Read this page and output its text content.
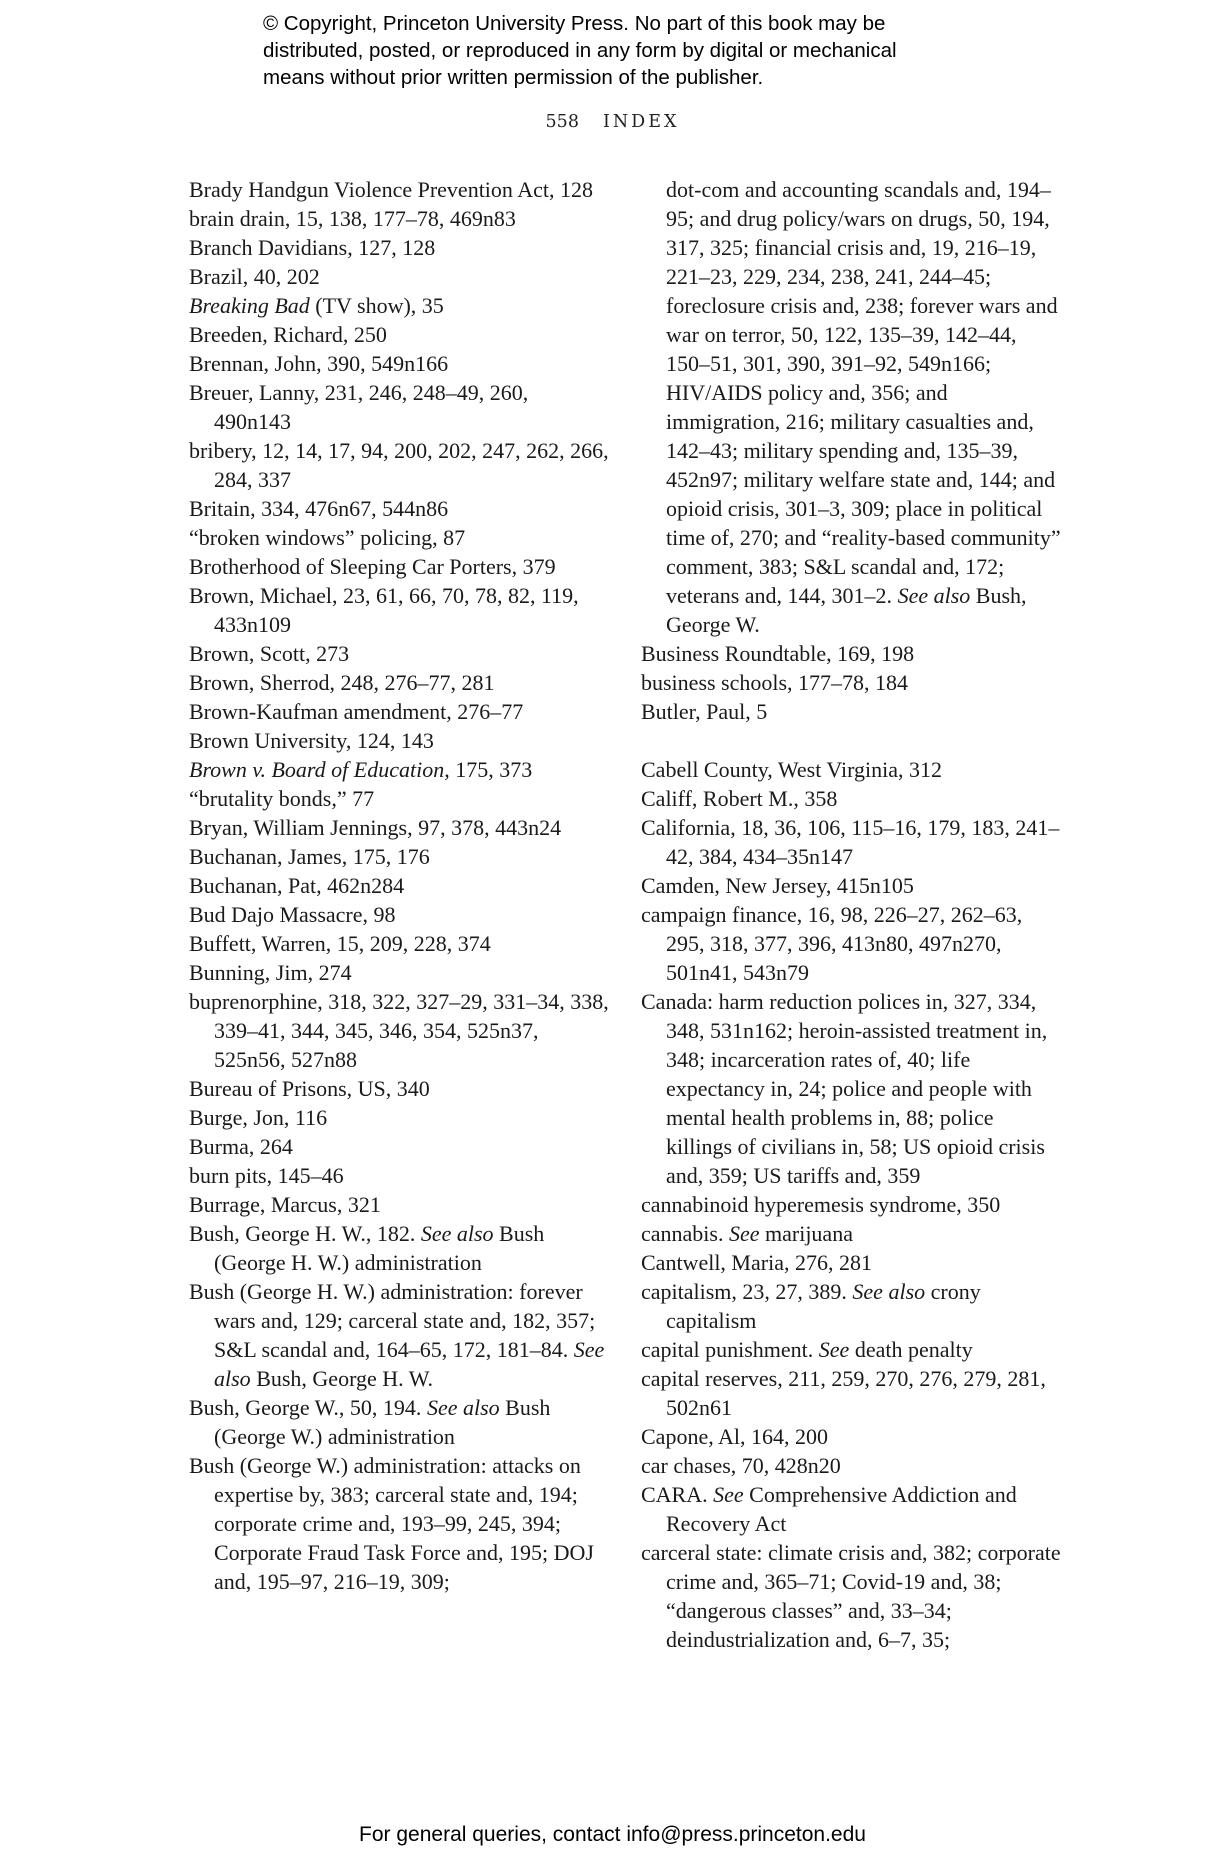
© Copyright, Princeton University Press. No part of this book may be
distributed, posted, or reproduced in any form by digital or mechanical
means without prior written permission of the publisher.
558 INDEX
Brady Handgun Violence Prevention Act, 128
brain drain, 15, 138, 177–78, 469n83
Branch Davidians, 127, 128
Brazil, 40, 202
Breaking Bad (TV show), 35
Breeden, Richard, 250
Brennan, John, 390, 549n166
Breuer, Lanny, 231, 246, 248–49, 260, 490n143
bribery, 12, 14, 17, 94, 200, 202, 247, 262, 266, 284, 337
Britain, 334, 476n67, 544n86
“broken windows” policing, 87
Brotherhood of Sleeping Car Porters, 379
Brown, Michael, 23, 61, 66, 70, 78, 82, 119, 433n109
Brown, Scott, 273
Brown, Sherrod, 248, 276–77, 281
Brown-Kaufman amendment, 276–77
Brown University, 124, 143
Brown v. Board of Education, 175, 373
“brutality bonds,” 77
Bryan, William Jennings, 97, 378, 443n24
Buchanan, James, 175, 176
Buchanan, Pat, 462n284
Bud Dajo Massacre, 98
Buffett, Warren, 15, 209, 228, 374
Bunning, Jim, 274
buprenorphine, 318, 322, 327–29, 331–34, 338, 339–41, 344, 345, 346, 354, 525n37, 525n56, 527n88
Bureau of Prisons, US, 340
Burge, Jon, 116
Burma, 264
burn pits, 145–46
Burrage, Marcus, 321
Bush, George H. W., 182. See also Bush (George H. W.) administration
Bush (George H. W.) administration: forever wars and, 129; carceral state and, 182, 357; S&L scandal and, 164–65, 172, 181–84. See also Bush, George H. W.
Bush, George W., 50, 194. See also Bush (George W.) administration
Bush (George W.) administration: attacks on expertise by, 383; carceral state and, 194; corporate crime and, 193–99, 245, 394; Corporate Fraud Task Force and, 195; DOJ and, 195–97, 216–19, 309;
dot-com and accounting scandals and, 194–95; and drug policy/wars on drugs, 50, 194, 317, 325; financial crisis and, 19, 216–19, 221–23, 229, 234, 238, 241, 244–45; foreclosure crisis and, 238; forever wars and war on terror, 50, 122, 135–39, 142–44, 150–51, 301, 390, 391–92, 549n166; HIV/AIDS policy and, 356; and immigration, 216; military casualties and, 142–43; military spending and, 135–39, 452n97; military welfare state and, 144; and opioid crisis, 301–3, 309; place in political time of, 270; and “reality-based community” comment, 383; S&L scandal and, 172; veterans and, 144, 301–2. See also Bush, George W.
Business Roundtable, 169, 198
business schools, 177–78, 184
Butler, Paul, 5
Cabell County, West Virginia, 312
Califf, Robert M., 358
California, 18, 36, 106, 115–16, 179, 183, 241–42, 384, 434–35n147
Camden, New Jersey, 415n105
campaign finance, 16, 98, 226–27, 262–63, 295, 318, 377, 396, 413n80, 497n270, 501n41, 543n79
Canada: harm reduction polices in, 327, 334, 348, 531n162; heroin-assisted treatment in, 348; incarceration rates of, 40; life expectancy in, 24; police and people with mental health problems in, 88; police killings of civilians in, 58; US opioid crisis and, 359; US tariffs and, 359
cannabinoid hyperemesis syndrome, 350
cannabis. See marijuana
Cantwell, Maria, 276, 281
capitalism, 23, 27, 389. See also crony capitalism
capital punishment. See death penalty
capital reserves, 211, 259, 270, 276, 279, 281, 502n61
Capone, Al, 164, 200
car chases, 70, 428n20
CARA. See Comprehensive Addiction and Recovery Act
carceral state: climate crisis and, 382; corporate crime and, 365–71; Covid-19 and, 38; “dangerous classes” and, 33–34; deindustrialization and, 6–7, 35;
For general queries, contact info@press.princeton.edu
